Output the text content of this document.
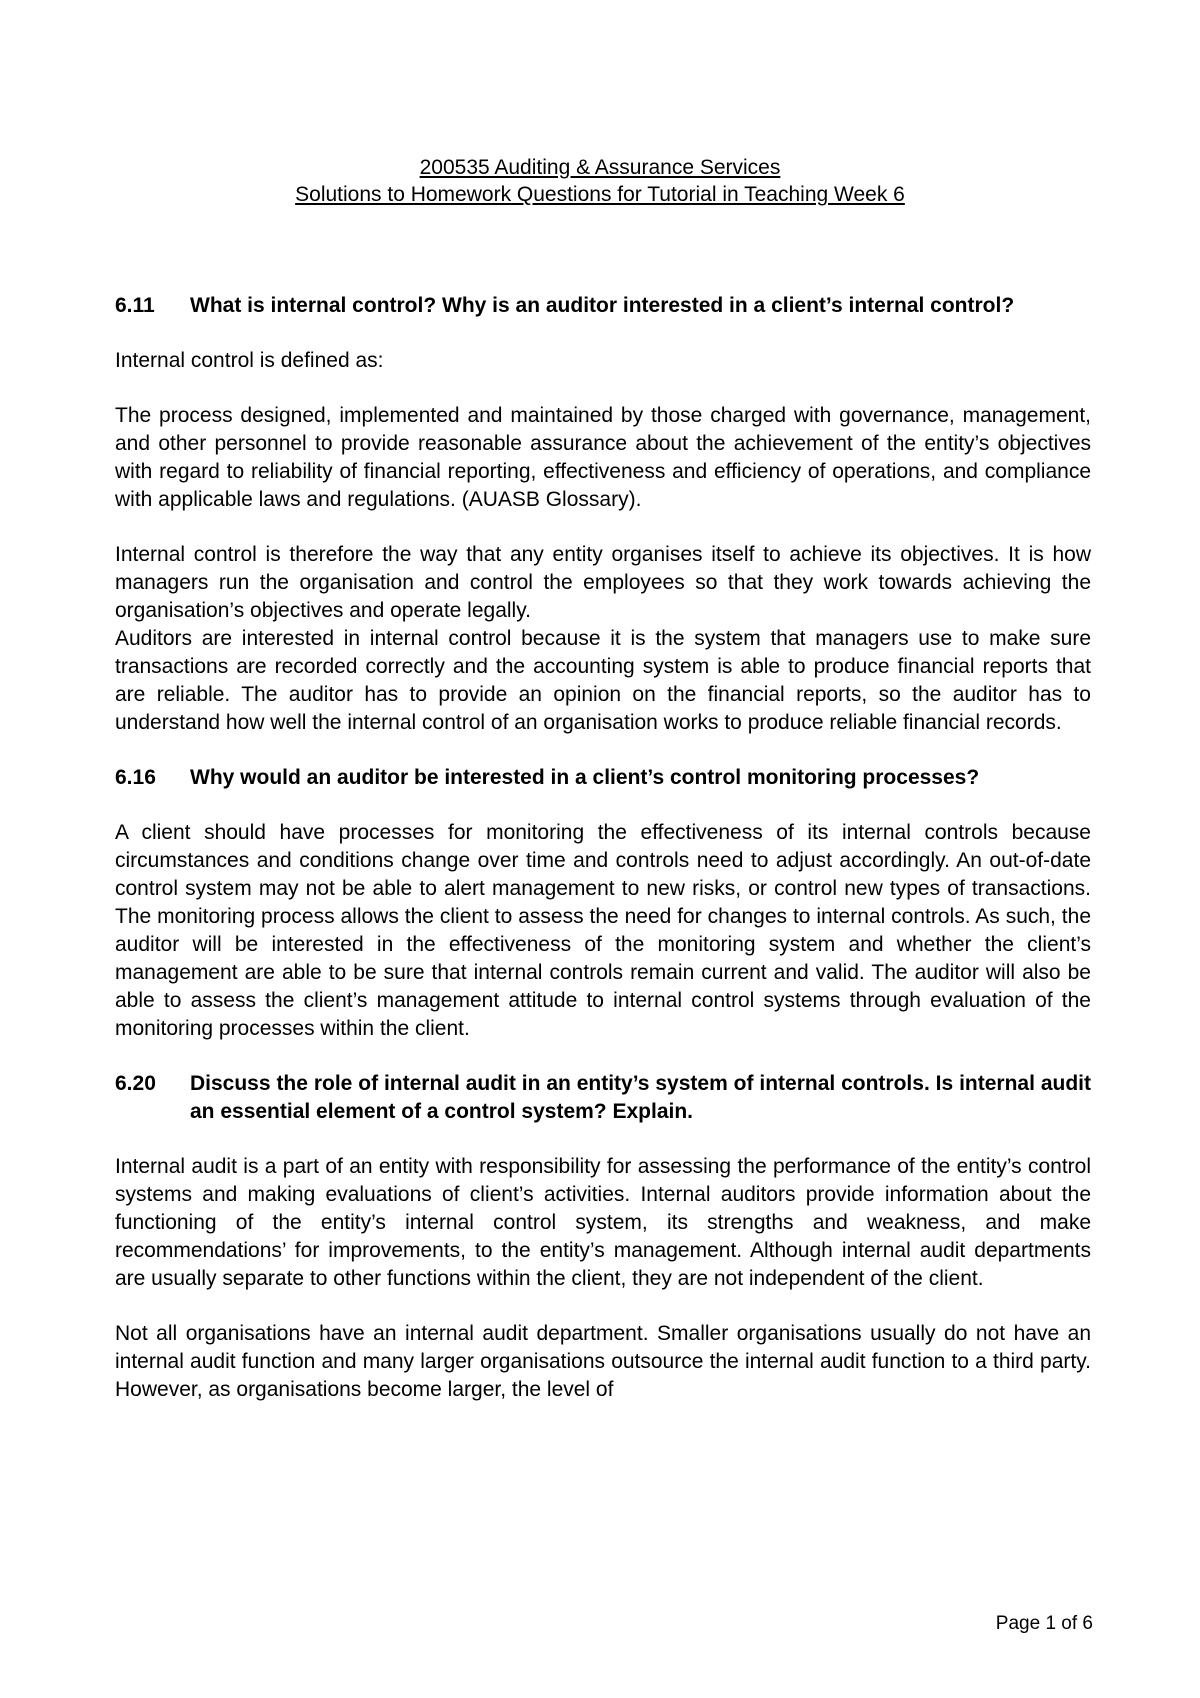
200535 Auditing & Assurance Services
Solutions to Homework Questions for Tutorial in Teaching Week 6
6.11	What is internal control? Why is an auditor interested in a client’s internal control?

Internal control is defined as:

The process designed, implemented and maintained by those charged with governance, management, and other personnel to provide reasonable assurance about the achievement of the entity’s objectives with regard to reliability of financial reporting, effectiveness and efficiency of operations, and compliance with applicable laws and regulations. (AUASB Glossary).

Internal control is therefore the way that any entity organises itself to achieve its objectives. It is how managers run the organisation and control the employees so that they work towards achieving the organisation’s objectives and operate legally.

Auditors are interested in internal control because it is the system that managers use to make sure transactions are recorded correctly and the accounting system is able to produce financial reports that are reliable. The auditor has to provide an opinion on the financial reports, so the auditor has to understand how well the internal control of an organisation works to produce reliable financial records.

6.16	Why would an auditor be interested in a client’s control monitoring processes?

A client should have processes for monitoring the effectiveness of its internal controls because circumstances and conditions change over time and controls need to adjust accordingly. An out-of-date control system may not be able to alert management to new risks, or control new types of transactions. The monitoring process allows the client to assess the need for changes to internal controls. As such, the auditor will be interested in the effectiveness of the monitoring system and whether the client’s management are able to be sure that internal controls remain current and valid. The auditor will also be able to assess the client’s management attitude to internal control systems through evaluation of the monitoring processes within the client.

6.20	Discuss the role of internal audit in an entity’s system of internal controls. Is internal audit an essential element of a control system? Explain.

Internal audit is a part of an entity with responsibility for assessing the performance of the entity’s control systems and making evaluations of client’s activities. Internal auditors provide information about the functioning of the entity’s internal control system, its strengths and weakness, and make recommendations’ for improvements, to the entity’s management. Although internal audit departments are usually separate to other functions within the client, they are not independent of the client.

Not all organisations have an internal audit department. Smaller organisations usually do not have an internal audit function and many larger organisations outsource the internal audit function to a third party. However, as organisations become larger, the level of

Page 1 of 6
